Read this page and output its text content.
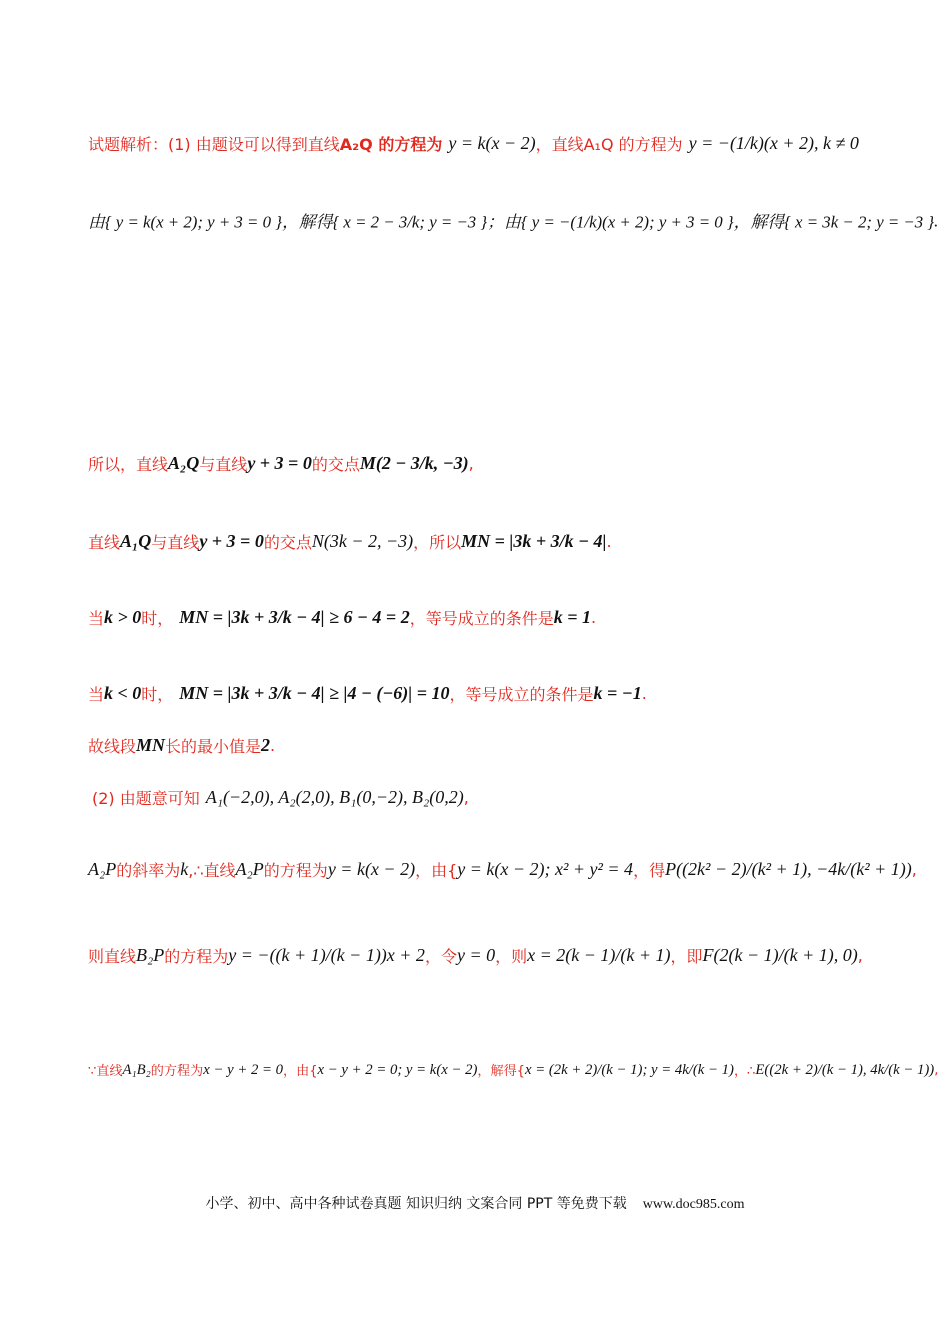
试题解析：(1) 由题设可以得到直线 A₂Q 的方程为 y = k(x − 2) ，直线 A₁Q 的方程为 y = −(1/k)(x + 2), k ≠ 0
由{ y = k(x + 2); y + 3 = 0 } ，解得{ x = 2 − 3/k; y = −3 } ；由{ y = −(1/k)(x + 2); y + 3 = 0 } ，解得{ x = 3k − 2; y = −3 } .
所以，直线 A₂Q 与直线 y + 3 = 0 的交点 M(2 − 3/k, −3) ,
直线 A₁Q 与直线 y + 3 = 0 的交点 N(3k − 2, −3) ，所以 MN = |3k + 3/k − 4| .
当 k > 0 时， MN = |3k + 3/k − 4| ≥ 6 − 4 = 2 ，等号成立的条件是 k = 1 .
当 k < 0 时， MN = |3k + 3/k − 4| ≥ |4 − (−6)| = 10 ，等号成立的条件是 k = −1 .
故线段 MN 长的最小值是 2 .
(2) 由题意可知 A₁(−2,0), A₂(2,0), B₁(0,−2), B₂(0,2) ,
A₂P 的斜率为 k ,∴直线 A₂P 的方程为 y = k(x − 2) ，由{ y = k(x − 2); x² + y² = 4 ，得 P((2k² − 2)/(k² + 1), −4k/(k² + 1)) ,
则直线 B₂P 的方程为 y = −((k + 1)/(k − 1))x + 2 ，令 y = 0 ，则 x = 2(k − 1)/(k + 1) ，即 F(2(k − 1)/(k + 1), 0) ,
∵直线 A₁B₂ 的方程为 x − y + 2 = 0 ，由{ x − y + 2 = 0; y = k(x − 2) ，解得{ x = (2k + 2)/(k − 1); y = 4k/(k − 1) ，∴ E((2k + 2)/(k − 1), 4k/(k − 1)) ,
小学、初中、高中各种试卷真题 知识归纳 文案合同 PPT 等免费下载 www.doc985.com
